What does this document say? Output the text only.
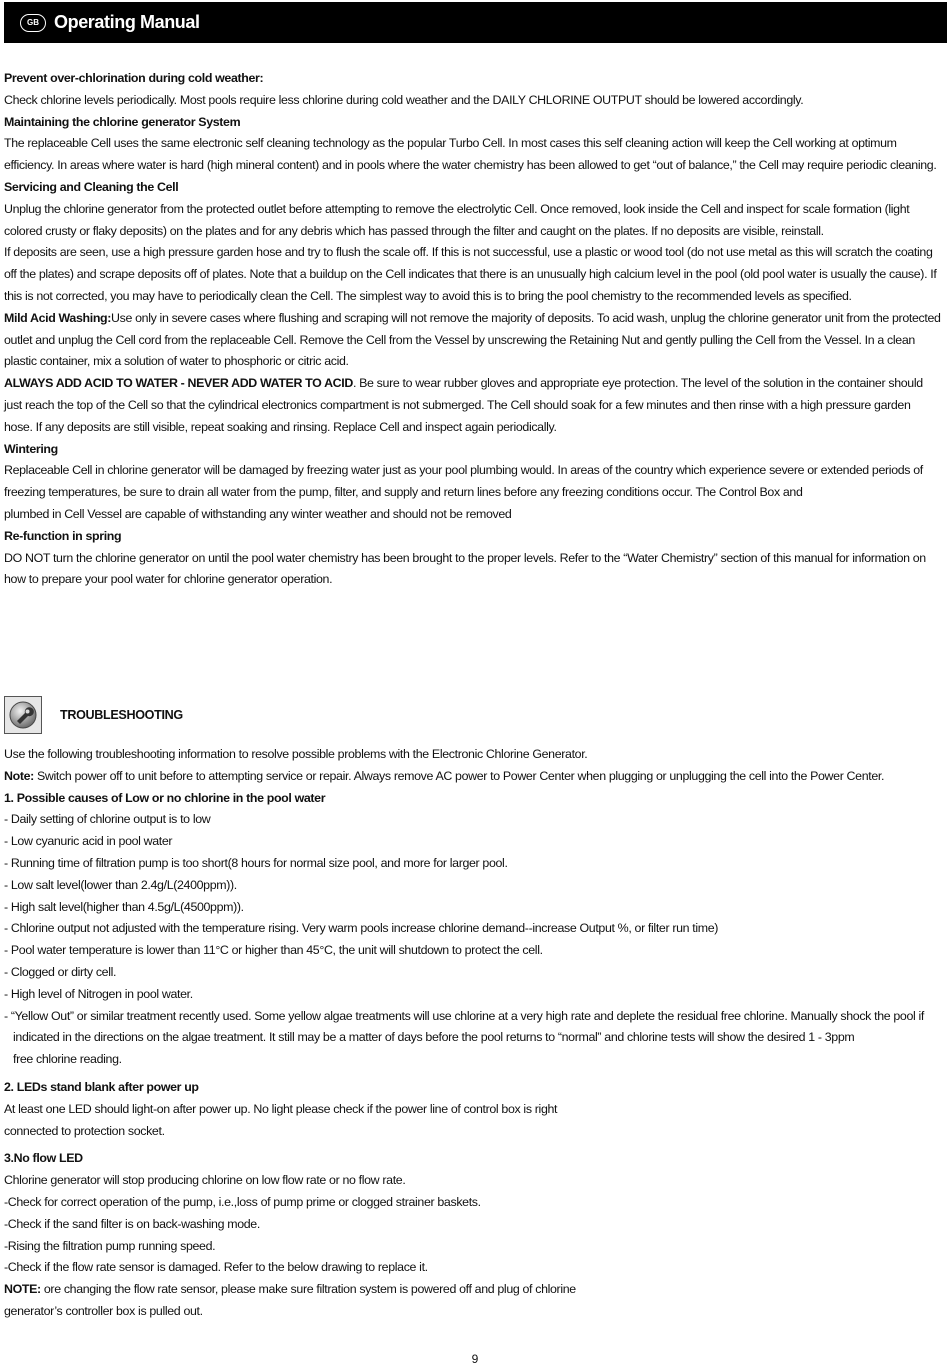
GB Operating Manual

Prevent over-chlorination during cold weather:

Check chlorine levels periodically. Most pools require less chlorine during cold weather and the DAILY CHLORINE OUTPUT should be lowered accordingly.

Maintaining the chlorine generator System

The replaceable Cell uses the same electronic self cleaning technology as the popular Turbo Cell. In most cases this self cleaning action will keep the Cell working at optimum efficiency. In areas where water is hard (high mineral content) and in pools where the water chemistry has been allowed to get “out of balance,” the Cell may require periodic cleaning.

Servicing and Cleaning the Cell

Unplug the chlorine generator from the protected outlet before attempting to remove the electrolytic Cell. Once removed, look inside the Cell and inspect for scale formation (light colored crusty or flaky deposits) on the plates and for any debris which has passed through the filter and caught on the plates. If no deposits are visible, reinstall.

If deposits are seen, use a high pressure garden hose and try to flush the scale off. If this is not successful, use a plastic or wood tool (do not use metal as this will scratch the coating off the plates) and scrape deposits off of plates. Note that a buildup on the Cell indicates that there is an unusually high calcium level in the pool (old pool water is usually the cause). If this is not corrected, you may have to periodically clean the Cell. The simplest way to avoid this is to bring the pool chemistry to the recommended levels as specified.

Mild Acid Washing:Use only in severe cases where flushing and scraping will not remove the majority of deposits. To acid wash, unplug the chlorine generator unit from the protected outlet and unplug the Cell cord from the replaceable Cell. Remove the Cell from the Vessel by unscrewing the Retaining Nut and gently pulling the Cell from the Vessel. In a clean plastic container, mix a solution of water to phosphoric or citric acid.

ALWAYS ADD ACID TO WATER - NEVER ADD WATER TO ACID. Be sure to wear rubber gloves and appropriate eye protection. The level of the solution in the container should just reach the top of the Cell so that the cylindrical electronics compartment is not submerged. The Cell should soak for a few minutes and then rinse with a high pressure garden hose. If any deposits are still visible, repeat soaking and rinsing. Replace Cell and inspect again periodically.

Wintering

Replaceable Cell in chlorine generator will be damaged by freezing water just as your pool plumbing would. In areas of the country which experience severe or extended periods of freezing temperatures, be sure to drain all water from the pump, filter, and supply and return lines before any freezing conditions occur. The Control Box and

plumbed in Cell Vessel are capable of withstanding any winter weather and should not be removed

Re-function in spring

DO NOT turn the chlorine generator on until the pool water chemistry has been brought to the proper levels. Refer to the “Water Chemistry” section of this manual for information on how to prepare your pool water for chlorine generator operation.

TROUBLESHOOTING

Use the following troubleshooting information to resolve possible problems with the Electronic Chlorine Generator.

Note: Switch power off to unit before to attempting service or repair. Always remove AC power to Power Center when plugging or unplugging the cell into the Power Center.

1. Possible causes of Low or no chlorine in the pool water

- Daily setting of chlorine output is to low

- Low cyanuric acid in pool water

- Running time of filtration pump is too short(8 hours for normal size pool, and more for larger pool.

- Low salt level(lower than 2.4g/L(2400ppm)).

- High salt level(higher than 4.5g/L(4500ppm)).

- Chlorine output not adjusted with the temperature rising. Very warm pools increase chlorine demand--increase Output %, or filter run time)

- Pool water temperature is lower than 11°C or higher than 45°C, the unit will shutdown to protect the cell.

- Clogged or dirty cell.

- High level of Nitrogen in pool water.

- “Yellow Out” or similar treatment recently used. Some yellow algae treatments will use chlorine at a very high rate and deplete the residual free chlorine. Manually shock the pool if

indicated in the directions on the algae treatment. It still may be a matter of days before the pool returns to “normal” and chlorine tests will show the desired 1 - 3ppm

free chlorine reading.

2. LEDs stand blank after power up

At least one LED should light-on after power up. No light please check if the power line of control box is right

connected to protection socket.

3.No flow LED

Chlorine generator will stop producing chlorine on low flow rate or no flow rate.

-Check for correct operation of the pump, i.e.,loss of pump prime or clogged strainer baskets.

-Check if the sand filter is on back-washing mode.

-Rising the filtration pump running speed.

-Check if the flow rate sensor is damaged. Refer to the below drawing to replace it.

NOTE: ore changing the flow rate sensor, please make sure filtration system is powered off and plug of chlorine

generator’s controller box is pulled out.

9
